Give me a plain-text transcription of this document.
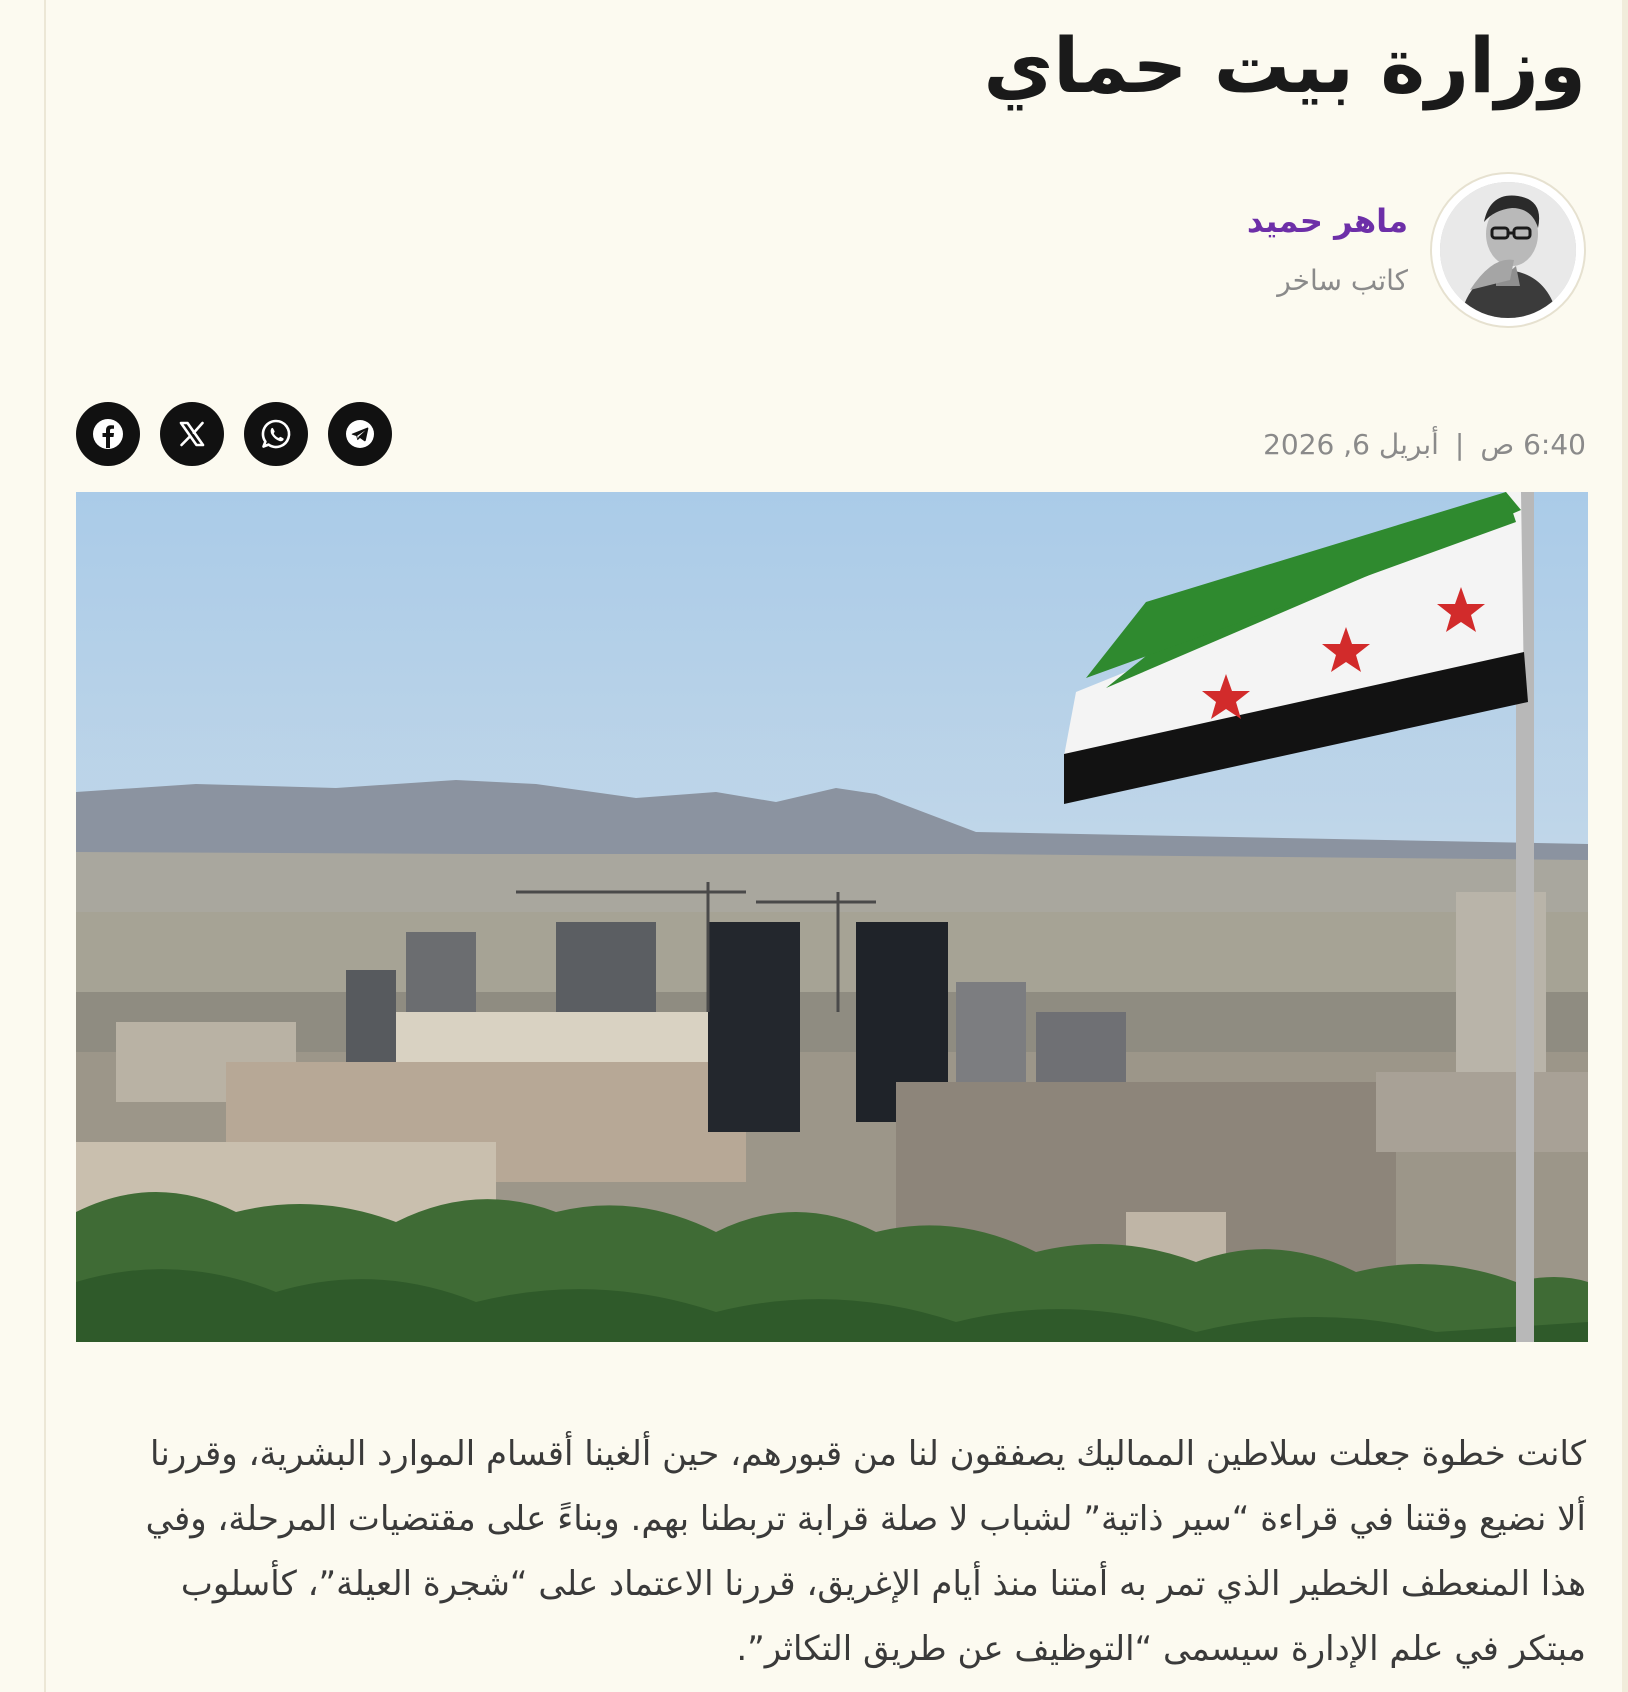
وزارة بيت حماي
ماهر حميد
كاتب ساخر
6:40 ص
|
أبريل 6, 2026

كانت خطوة جعلت سلاطين المماليك يصفقون لنا من قبورهم، حين ألغينا أقسام الموارد البشرية، وقررنا ألا نضيع وقتنا في قراءة “سير ذاتية” لشباب لا صلة قرابة تربطنا بهم. وبناءً على مقتضيات المرحلة، وفي هذا المنعطف الخطير الذي تمر به أمتنا منذ أيام الإغريق، قررنا الاعتماد على “شجرة العيلة”، كأسلوب مبتكر في علم الإدارة سيسمى “التوظيف عن طريق التكاثر”.
